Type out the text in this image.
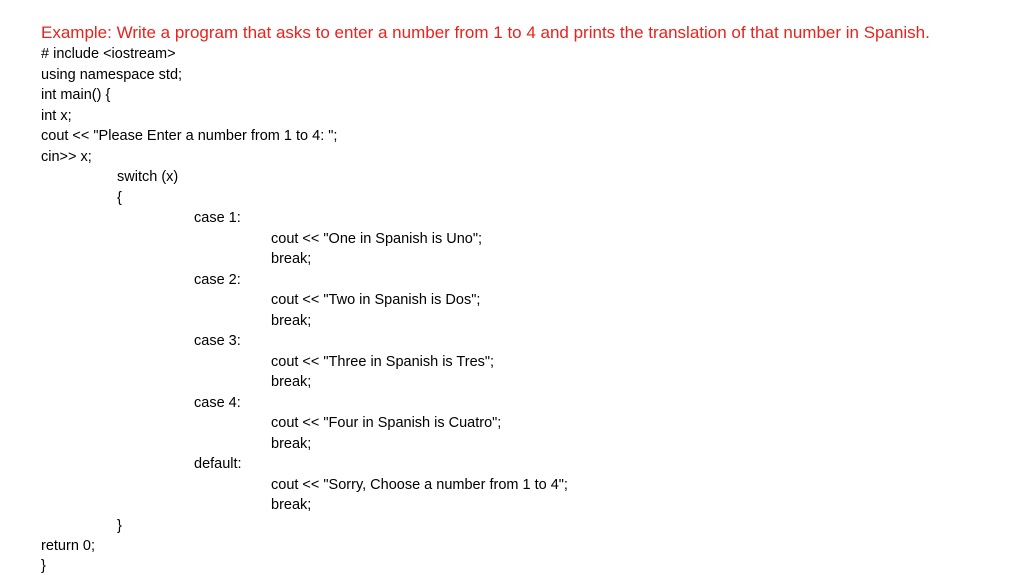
Example: Write a program that asks to enter a number from 1 to 4 and prints the translation of that number in Spanish.
# include <iostream>
using namespace std;
int main() {
int x;
cout << "Please Enter a number from 1 to 4: ";
cin>> x;
switch (x)
{
case 1:
cout << "One in Spanish is Uno";
break;
case 2:
cout << "Two in Spanish is Dos";
break;
case 3:
cout << "Three in Spanish is Tres";
break;
case 4:
cout << "Four in Spanish is Cuatro";
break;
default:
cout << "Sorry, Choose a number from 1 to 4";
break;
}
return 0;
}
